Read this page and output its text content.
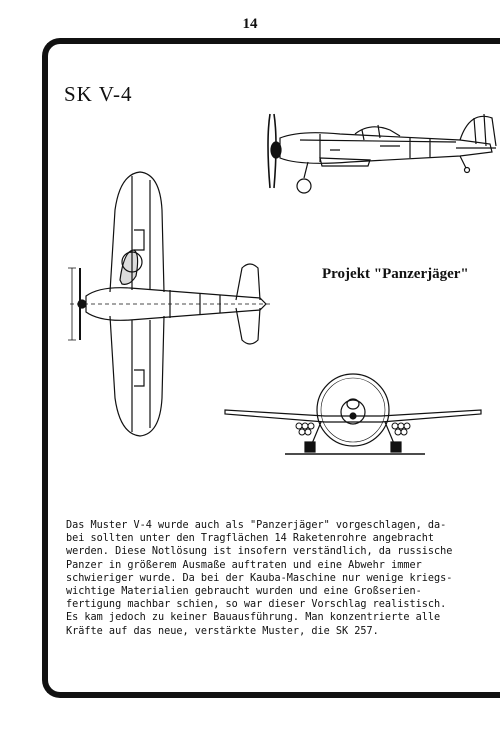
14
SK V-4
Projekt "Panzerjäger"
Das Muster V-4 wurde auch als "Panzerjäger" vorgeschlagen, da-
bei sollten unter den Tragflächen 14 Raketenrohre angebracht
werden. Diese Notlösung ist insofern verständlich, da russische
Panzer in größerem Ausmaße auftraten und eine Abwehr immer
schwieriger wurde. Da bei der Kauba-Maschine nur wenige kriegs-
wichtige Materialien gebraucht wurden und eine Großserien-
fertigung machbar schien, so war dieser Vorschlag realistisch.
Es kam jedoch zu keiner Bauausführung. Man konzentrierte alle
Kräfte auf das neue, verstärkte Muster, die SK 257.
